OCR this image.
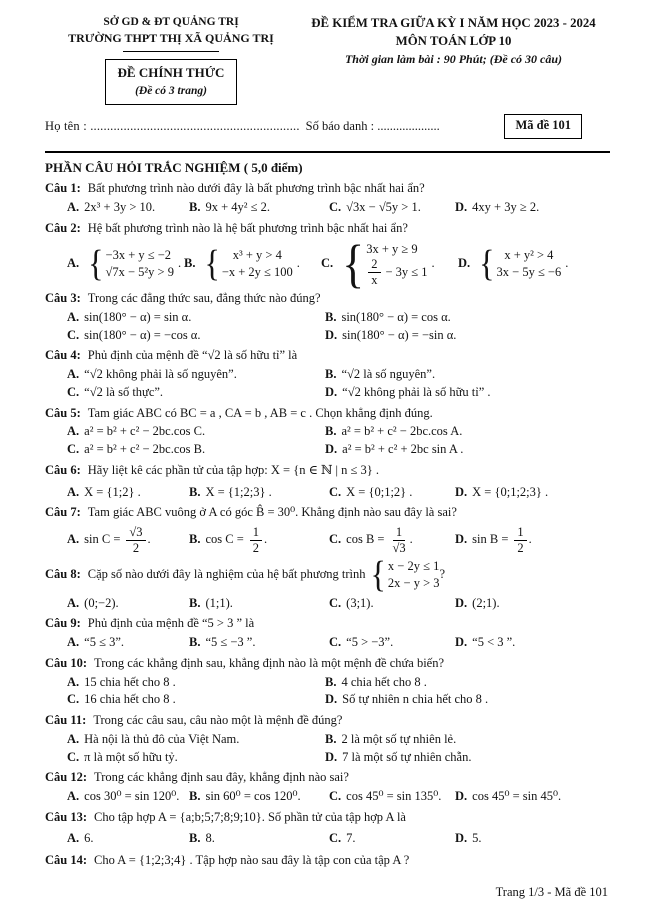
SỞ GD & ĐT QUẢNG TRỊ
TRƯỜNG THPT THỊ XÃ QUẢNG TRỊ
ĐỀ CHÍNH THỨC
(Đề có 3 trang)
ĐỀ KIỂM TRA GIỮA KỲ I NĂM HỌC 2023 - 2024
MÔN TOÁN LỚP 10
Thời gian làm bài : 90 Phút; (Đề có 30 câu)
Họ tên : ............................................................... Số báo danh : ....................	Mã đề 101
PHẦN CÂU HỎI TRẮC NGHIỆM ( 5,0 điểm)
Câu 1: Bất phương trình nào dưới đây là bất phương trình bậc nhất hai ẩn?
A. 2x³ + 3y > 10.	B. 9x + 4y² ≤ 2.	C. √3x − √5y > 1.	D. 4xy + 3y ≥ 2.
Câu 2: Hệ bất phương trình nào là hệ bất phương trình bậc nhất hai ẩn?
A. { −3x + y ≤ −2
√7x − 5²y > 9
. B. { x³ + y > 4
−x + 2y ≤ 100
. C. { 3x + y ≥ 9
$\frac{2}{x} - 3y \le 1$
. D. { x + y² > 4
3x − 5y ≤ −6
.
Câu 3: Trong các đẳng thức sau, đẳng thức nào đúng?
A. sin(180° − α) = sin α.	B. sin(180° − α) = cos α.
C. sin(180° − α) = −cos α.	D. sin(180° − α) = −sin α.
Câu 4: Phủ định của mệnh đề “√2 là số hữu tỉ” là
A. “√2 không phải là số nguyên”.	B. “√2 là số nguyên”.
C. “√2 là số thực”.	D. “√2 không phải là số hữu tỉ” .
Câu 5: Tam giác ABC có BC = a , CA = b , AB = c . Chọn khẳng định đúng.
A. a² = b² + c² − 2bc.cos C.	B. a² = b² + c² − 2bc.cos A.
C. a² = b² + c² − 2bc.cos B.	D. a² = b² + c² + 2bc sin A .
Câu 6: Hãy liệt kê các phần tử của tập hợp: X = {n ∈ ℕ | n ≤ 3} .
A. X = {1;2} .	B. X = {1;2;3} .	C. X = {0;1;2} .	D. X = {0;1;2;3} .
Câu 7: Tam giác ABC vuông ở A có góc B̂ = 30⁰. Khẳng định nào sau đây là sai?
A. $\sin C = \frac{√3}{2}$ .	B. $\cos C = \frac{1}{2}$ .	C. $\cos B = \frac{1}{√3}$ .	D. $\sin B = \frac{1}{2}$ .
Câu 8: Cặp số nào dưới đây là nghiệm của hệ bất phương trình { x − 2y ≤ 1
2x − y > 3
?
A. (0;−2).	B. (1;1).	C. (3;1).	D. (2;1).
Câu 9: Phủ định của mệnh đề “5 > 3 ” là
A. “5 ≤ 3”.	B. “5 ≤ −3 ”.	C. “5 > −3”.	D. “5 < 3 ”.
Câu 10: Trong các khẳng định sau, khẳng định nào là một mệnh đề chứa biến?
A. 15 chia hết cho 8 .	B. 4 chia hết cho 8 .
C. 16 chia hết cho 8 .	D. Số tự nhiên n chia hết cho 8 .
Câu 11: Trong các câu sau, câu nào một là mệnh đề đúng?
A. Hà nội là thủ đô của Việt Nam.	B. 2 là một số tự nhiên lẻ.
C. π là một số hữu tỷ.	D. 7 là một số tự nhiên chẵn.
Câu 12: Trong các khẳng định sau đây, khẳng định nào sai?
A. cos 30⁰ = sin 120⁰. B. sin 60⁰ = cos 120⁰.	C. cos 45⁰ = sin 135⁰.	D. cos 45⁰ = sin 45⁰.
Câu 13: Cho tập hợp A = {a;b;5;7;8;9;10}. Số phần tử của tập hợp A là
A. 6.	B. 8.	C. 7.	D. 5.
Câu 14: Cho A = {1;2;3;4} . Tập hợp nào sau đây là tập con của tập A ?
Trang 1/3 - Mã đề 101
